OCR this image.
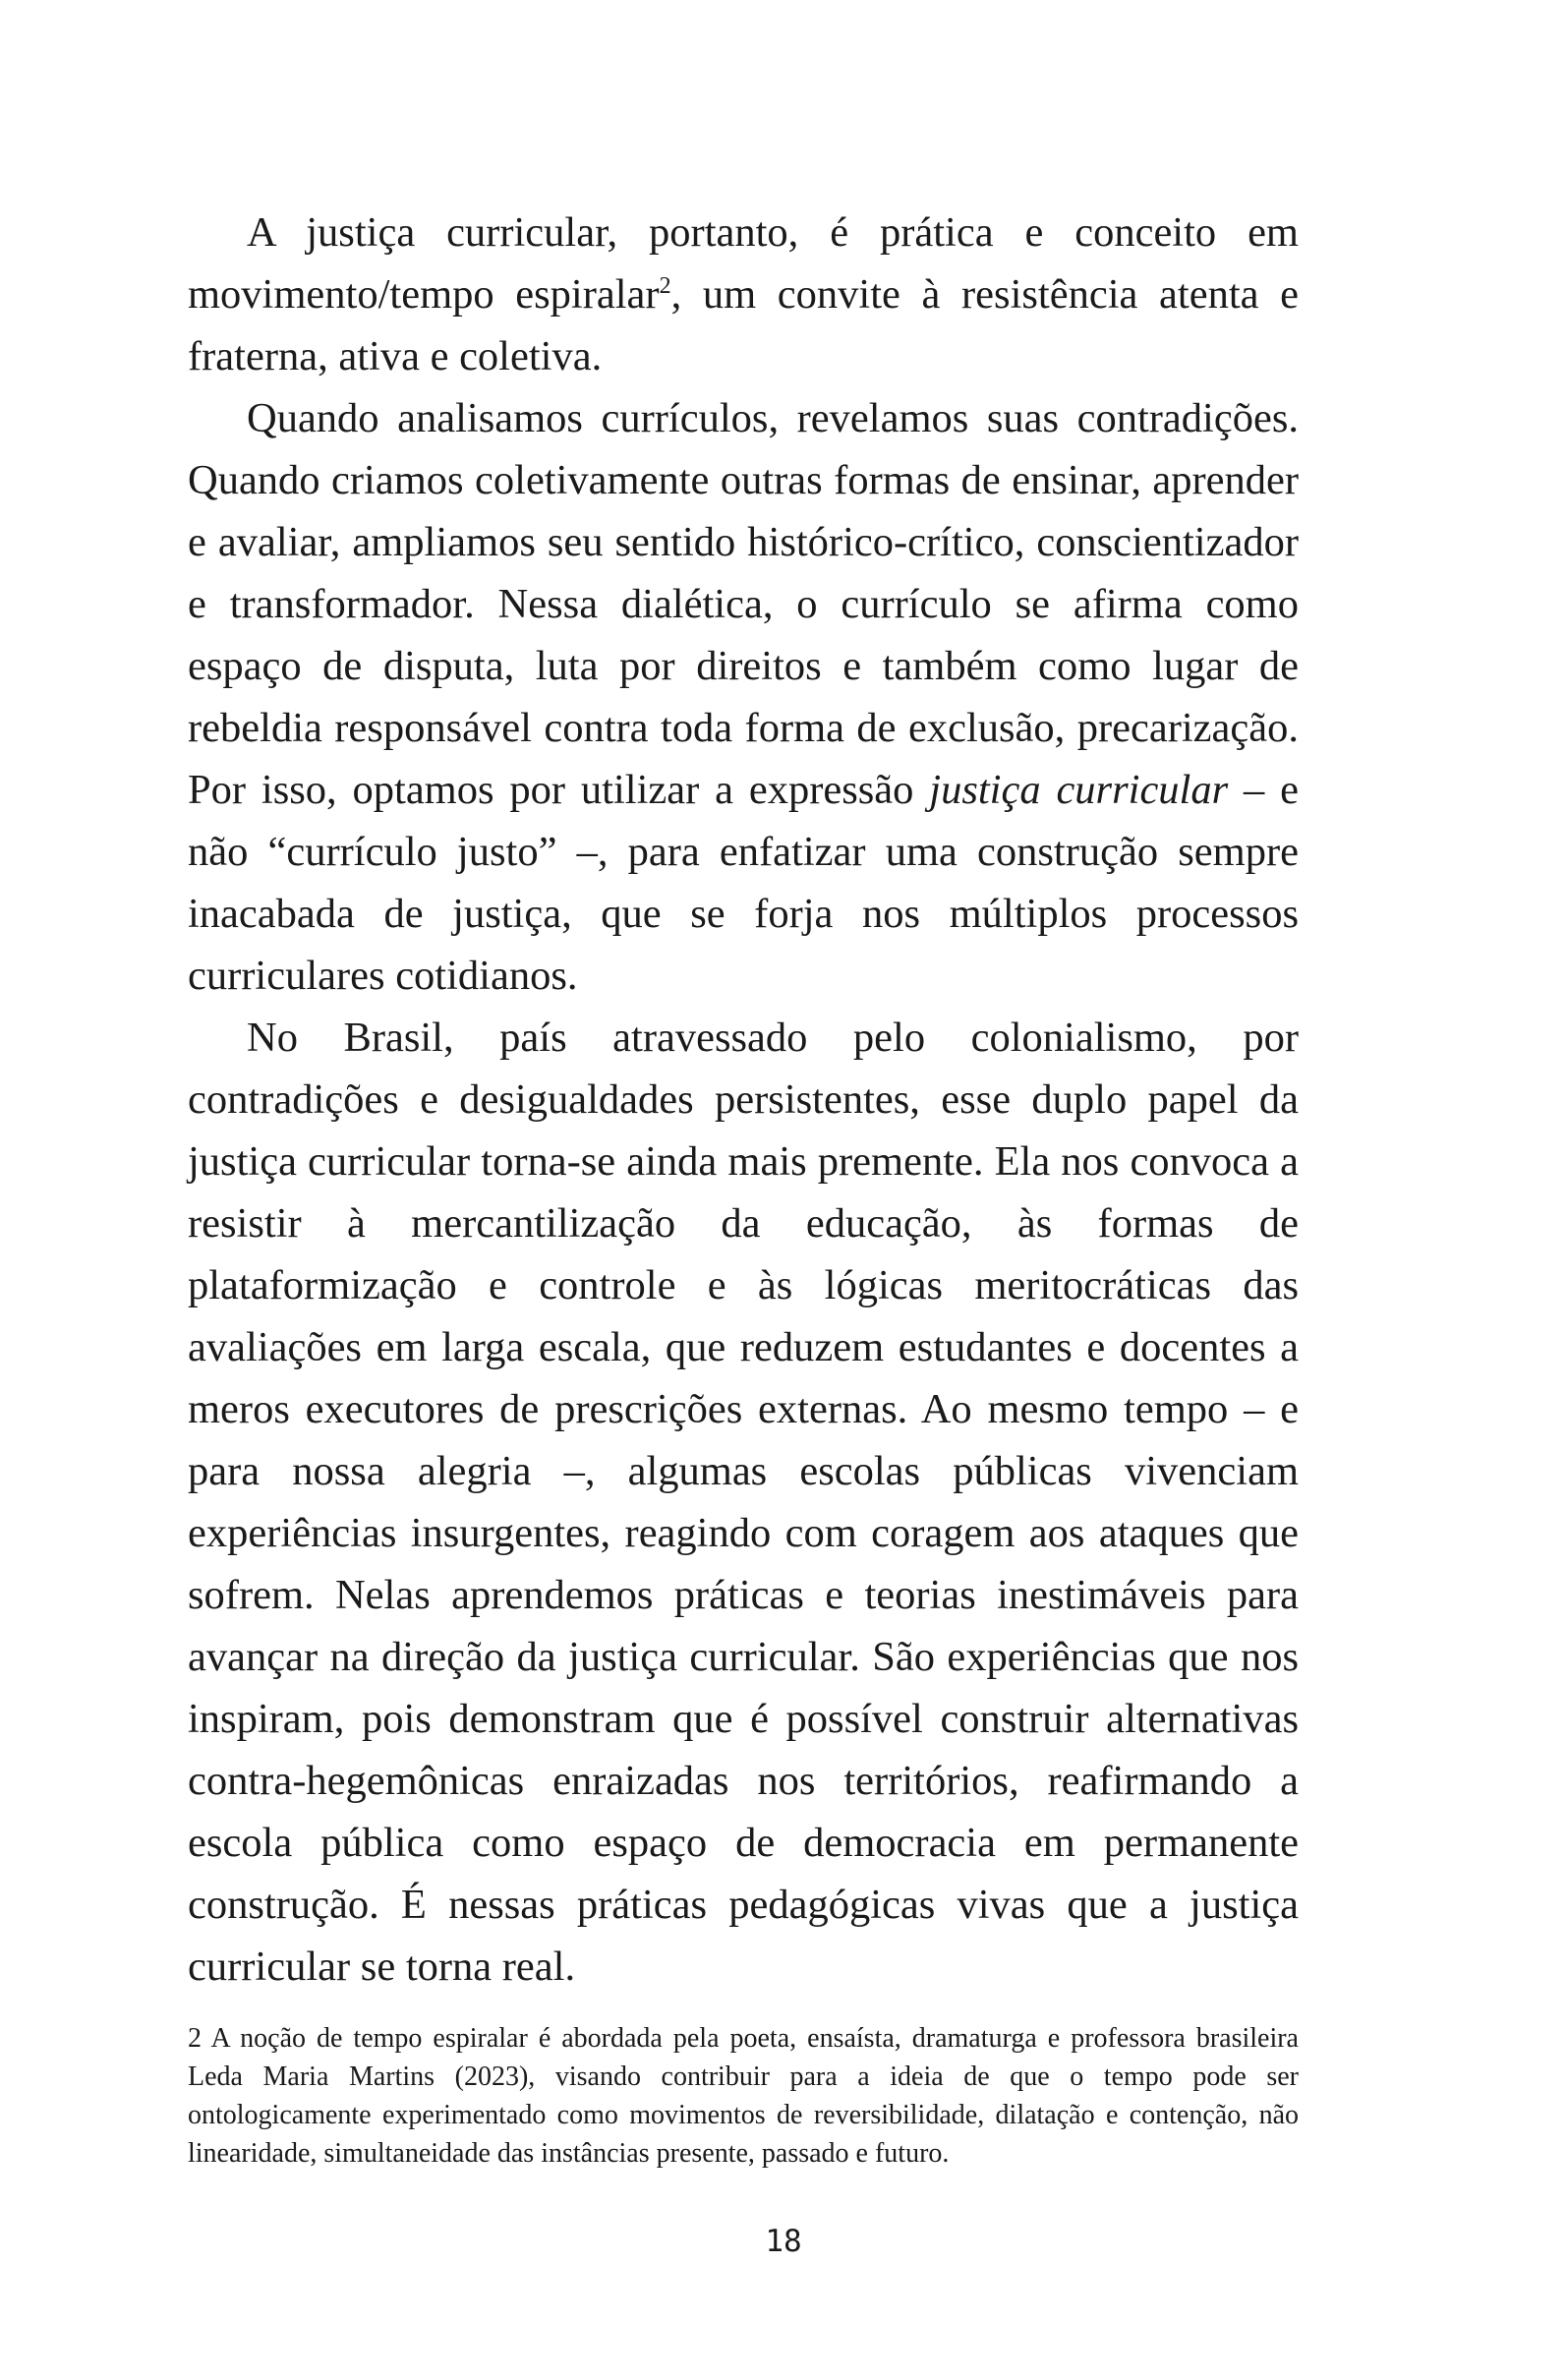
A justiça curricular, portanto, é prática e conceito em movimento/tempo espiralar$^2$, um convite à resistência atenta e fraterna, ativa e coletiva.

Quando analisamos currículos, revelamos suas contradições. Quando criamos coletivamente outras formas de ensinar, aprender e avaliar, ampliamos seu sentido histórico-crítico, conscientizador e transformador. Nessa dialética, o currículo se afirma como espaço de disputa, luta por direitos e também como lugar de rebeldia responsável contra toda forma de exclusão, precarização. Por isso, optamos por utilizar a expressão justiça curricular – e não “currículo justo” –, para enfatizar uma construção sempre inacabada de justiça, que se forja nos múltiplos processos curriculares cotidianos.

No Brasil, país atravessado pelo colonialismo, por contradições e desigualdades persistentes, esse duplo papel da justiça curricular torna-se ainda mais premente. Ela nos convoca a resistir à mercantilização da educação, às formas de plataformização e controle e às lógicas meritocráticas das avaliações em larga escala, que reduzem estudantes e docentes a meros executores de prescrições externas. Ao mesmo tempo – e para nossa alegria –, algumas escolas públicas vivenciam experiências insurgentes, reagindo com coragem aos ataques que sofrem. Nelas aprendemos práticas e teorias inestimáveis para avançar na direção da justiça curricular. São experiências que nos inspiram, pois demonstram que é possível construir alternativas contra-hegemônicas enraizadas nos territórios, reafirmando a escola pública como espaço de democracia em permanente construção. É nessas práticas pedagógicas vivas que a justiça curricular se torna real.

2 A noção de tempo espiralar é abordada pela poeta, ensaísta, dramaturga e professora brasileira Leda Maria Martins (2023), visando contribuir para a ideia de que o tempo pode ser ontologicamente experimentado como movimentos de reversibilidade, dilatação e contenção, não linearidade, simultaneidade das instâncias presente, passado e futuro.

18
